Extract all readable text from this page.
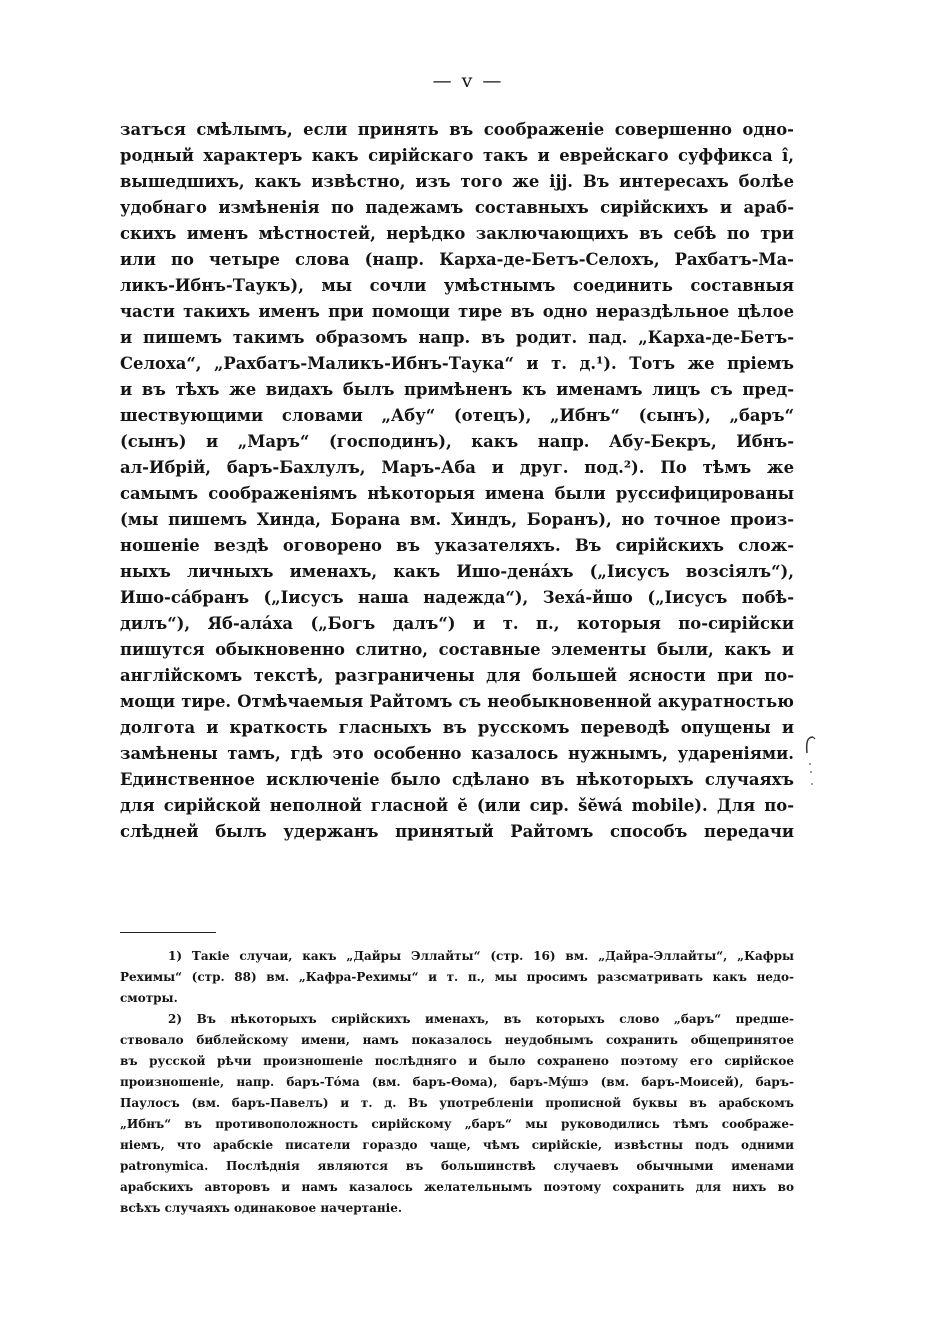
— v —
затъся смѣлымъ, если принять въ соображеніе совершенно одно-
родный характеръ какъ сирійскаго такъ и еврейскаго суффикса î,
вышедшихъ, какъ извѣстно, изъ того же ijj. Въ интересахъ болѣе
удобнаго измѣненія по падежамъ составныхъ сирійскихъ и араб-
скихъ именъ мѣстностей, нерѣдко заключающихъ въ себѣ по три
или по четыре слова (напр. Карха-де-Бетъ-Селохъ, Рахбатъ-Ма-
ликъ-Ибнъ-Таукъ), мы сочли умѣстнымъ соединить составныя
части такихъ именъ при помощи тире въ одно нераздѣльное цѣлое
и пишемъ такимъ образомъ напр. въ родит. пад. „Карха-де-Бетъ-
Селоха“, „Рахбатъ-Маликъ-Ибнъ-Таука“ и т. д.¹). Тотъ же пріемъ
и въ тѣхъ же видахъ былъ примѣненъ къ именамъ лицъ съ пред-
шествующими словами „Абу“ (отецъ), „Ибнъ“ (сынъ), „баръ“
(сынъ) и „Маръ“ (господинъ), какъ напр. Абу-Бекръ, Ибнъ-
ал-Ибрій, баръ-Бахлулъ, Маръ-Аба и друг. под.²). По тѣмъ же
самымъ соображеніямъ нѣкоторыя имена были руссифицированы
(мы пишемъ Хинда, Борана вм. Хиндъ, Боранъ), но точное произ-
ношеніе вездѣ оговорено въ указателяхъ. Въ сирійскихъ слож-
ныхъ личныхъ именахъ, какъ Ишо-денáхъ („Іисусъ возсіялъ“),
Ишо-сáбранъ („Іисусъ наша надежда“), Зехá-йшо („Іисусъ побѣ-
дилъ“), Яб-алáха („Богъ далъ“) и т. п., которыя по-сирійски
пишутся обыкновенно слитно, составные элементы были, какъ и
англійскомъ текстѣ, разграничены для большей ясности при по-
мощи тире. Отмѣчаемыя Райтомъ съ необыкновенной акуратностью
долгота и краткость гласныхъ въ русскомъ переводѣ опущены и
замѣнены тамъ, гдѣ это особенно казалось нужнымъ, удареніями.
Единственное исключеніе было сдѣлано въ нѣкоторыхъ случаяхъ
для сирійской неполной гласной ĕ (или сир. šĕwá mobile). Для по-
слѣдней былъ удержанъ принятый Райтомъ способъ передачи
1) Такіе случаи, какъ „Дайры Эллайты“ (стр. 16) вм. „Дайра-Эллайты“, „Кафры
Рехимы“ (стр. 88) вм. „Кафра-Рехимы“ и т. п., мы просимъ разсматривать какъ недо-
смотры.
2) Въ нѣкоторыхъ сирійскихъ именахъ, въ которыхъ слово „баръ“ предше-
ствовало библейскому имени, намъ показалось неудобнымъ сохранить общепринятое
въ русской рѣчи произношеніе послѣдняго и было сохранено поэтому его сирійское
произношеніе, напр. баръ-Тóма (вм. баръ-Ѳома), баръ-Мýшэ (вм. баръ-Моисей), баръ-
Паулосъ (вм. баръ-Павелъ) и т. д. Въ употребленіи прописной буквы въ арабскомъ
„Ибнъ“ въ противоположность сирійскому „баръ“ мы руководились тѣмъ соображе-
ніемъ, что арабскіе писатели гораздо чаще, чѣмъ сирійскіе, извѣстны подъ одними
patronymica. Послѣднія являются въ большинствѣ случаевъ обычными именами
арабскихъ авторовъ и намъ казалось желательнымъ поэтому сохранить для нихъ во
всѣхъ случаяхъ одинаковое начертаніе.
